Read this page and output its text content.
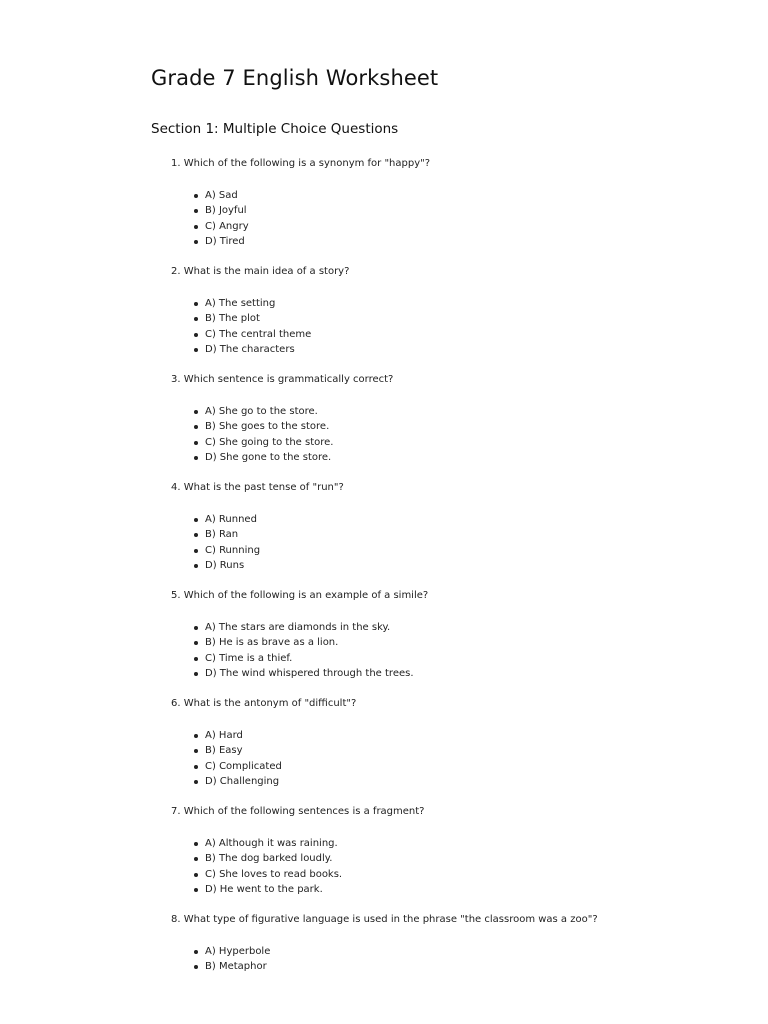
Grade 7 English Worksheet
Section 1: Multiple Choice Questions
1. Which of the following is a synonym for "happy"?
A) Sad
B) Joyful
C) Angry
D) Tired
2. What is the main idea of a story?
A) The setting
B) The plot
C) The central theme
D) The characters
3. Which sentence is grammatically correct?
A) She go to the store.
B) She goes to the store.
C) She going to the store.
D) She gone to the store.
4. What is the past tense of "run"?
A) Runned
B) Ran
C) Running
D) Runs
5. Which of the following is an example of a simile?
A) The stars are diamonds in the sky.
B) He is as brave as a lion.
C) Time is a thief.
D) The wind whispered through the trees.
6. What is the antonym of "difficult"?
A) Hard
B) Easy
C) Complicated
D) Challenging
7. Which of the following sentences is a fragment?
A) Although it was raining.
B) The dog barked loudly.
C) She loves to read books.
D) He went to the park.
8. What type of figurative language is used in the phrase "the classroom was a zoo"?
A) Hyperbole
B) Metaphor
